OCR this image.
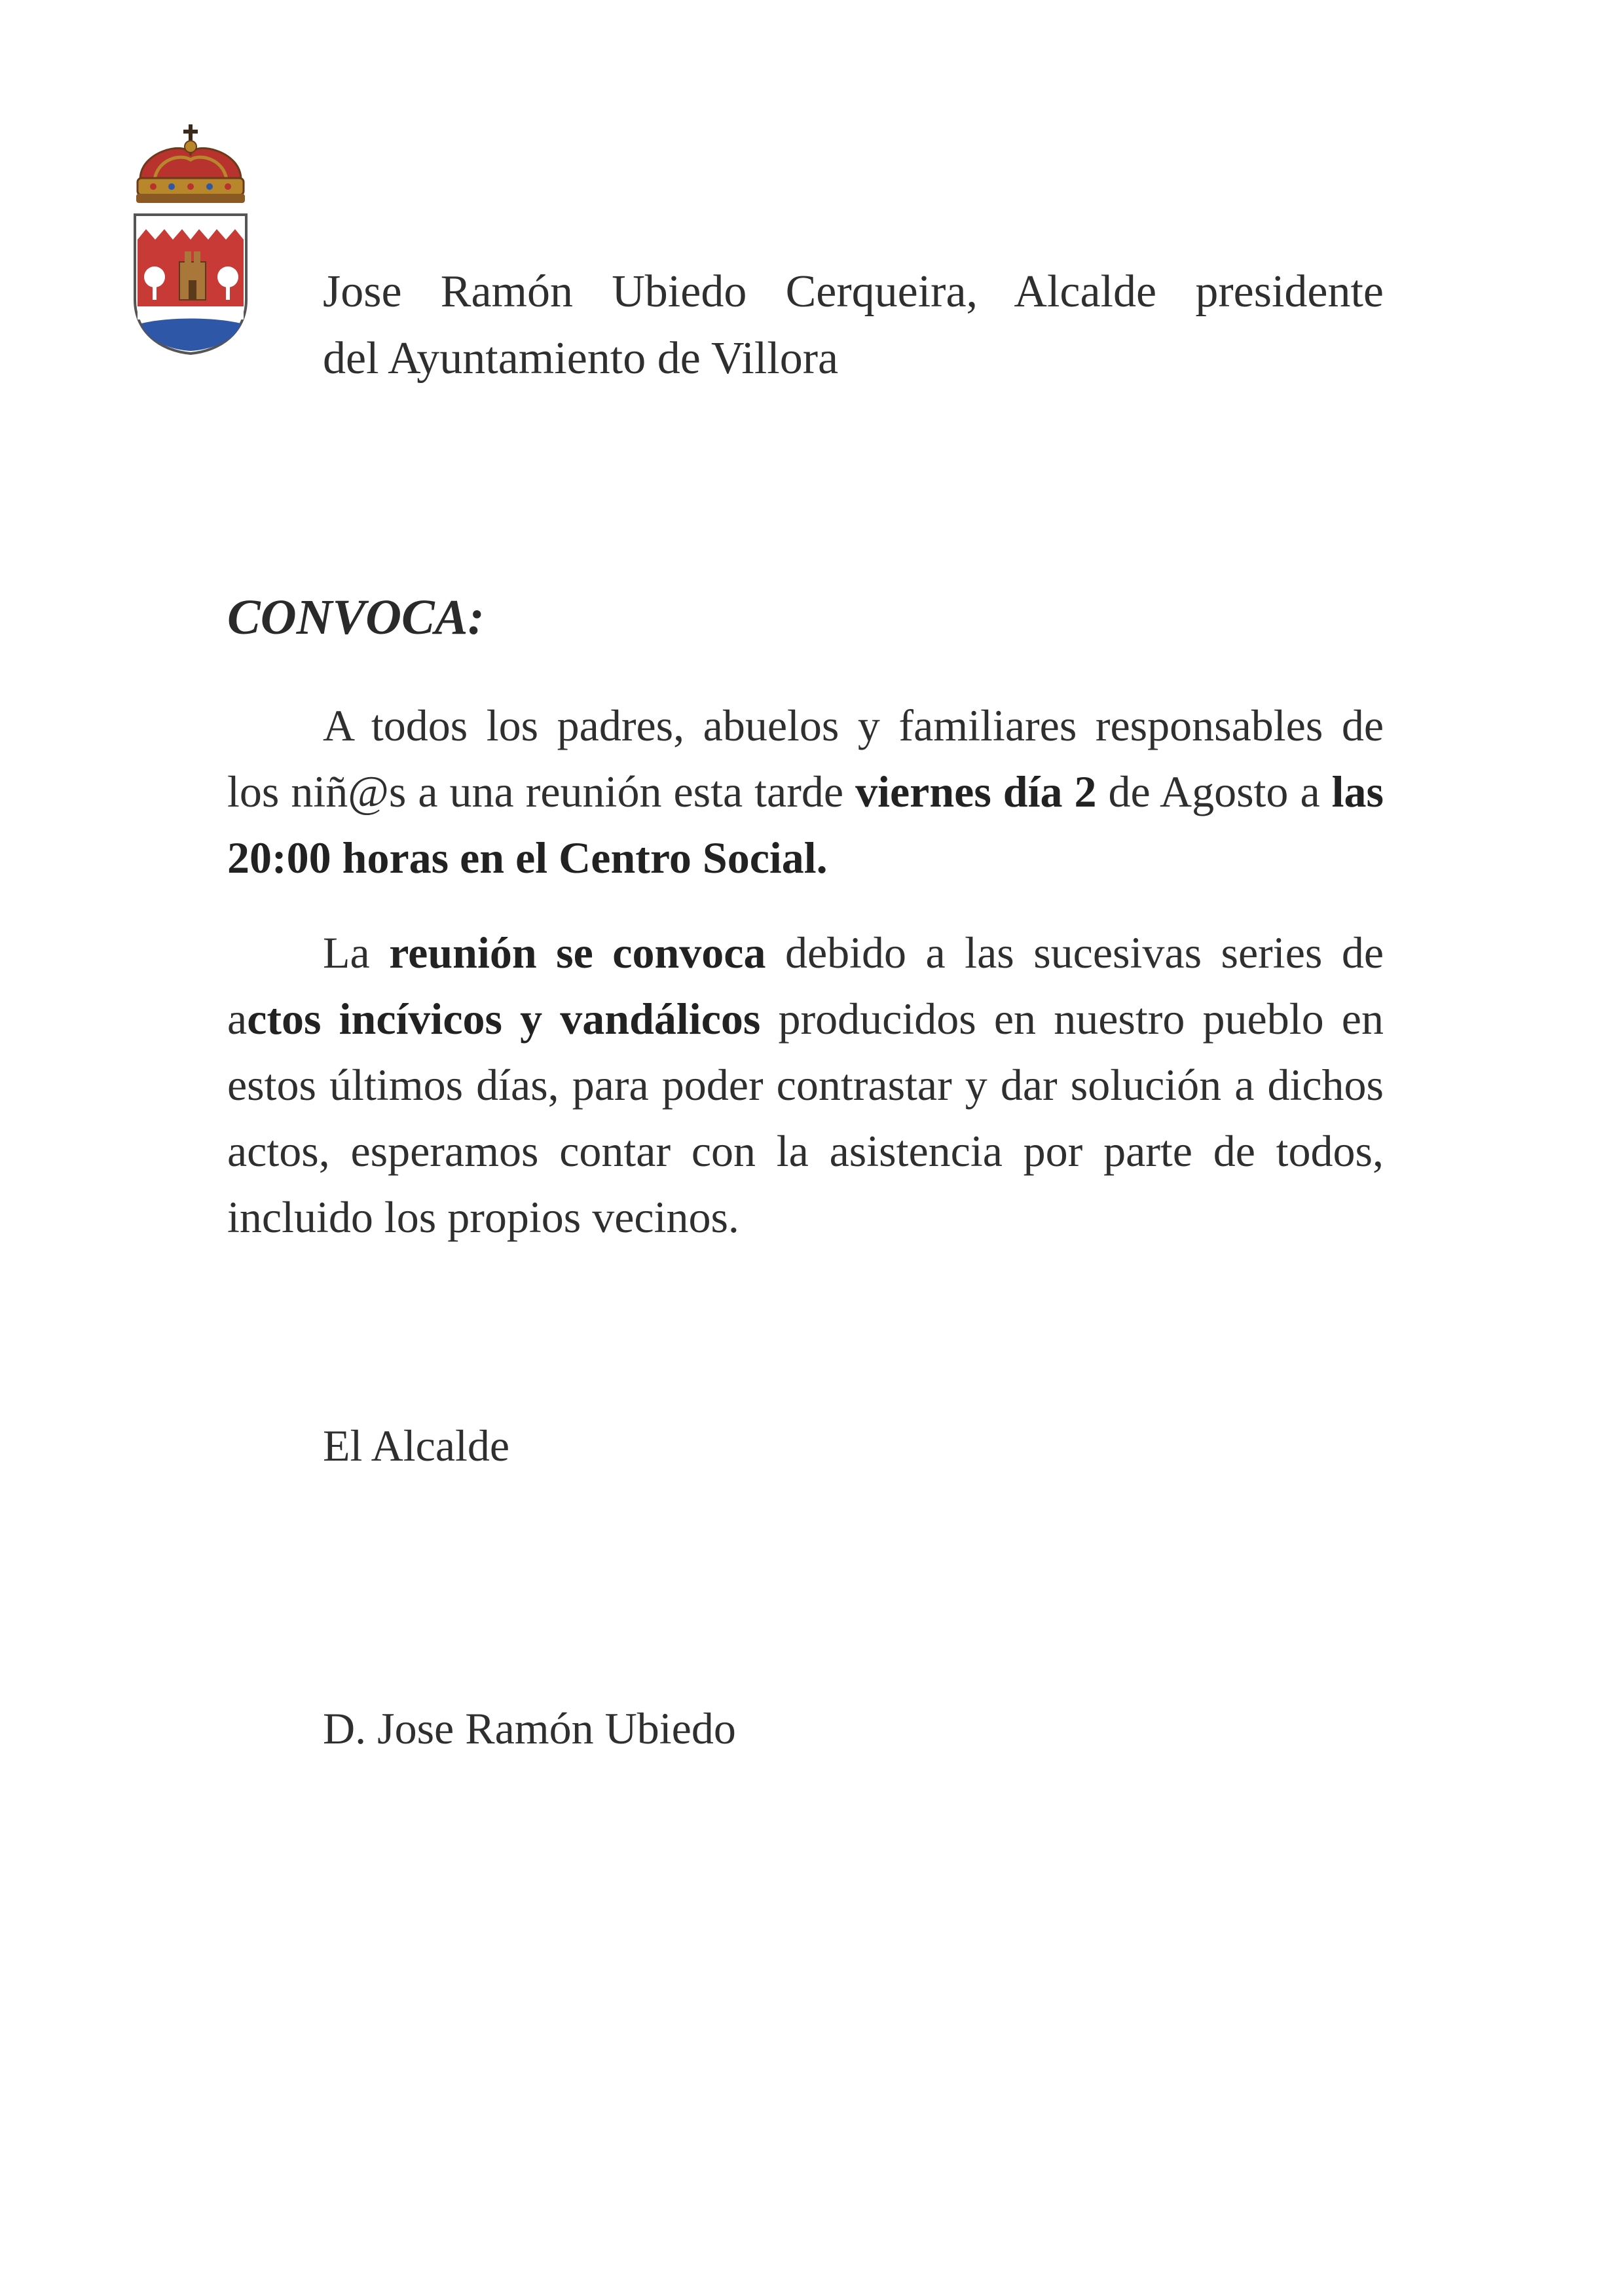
Jose Ramón Ubiedo Cerqueira, Alcalde presidente

del Ayuntamiento de Villora

CONVOCA:

A todos los padres, abuelos y familiares responsables de los niñ@s a una reunión esta tarde viernes día 2 de Agosto a las 20:00 horas en el Centro Social.

La reunión se convoca debido a las sucesivas series de actos incívicos y vandálicos producidos en nuestro pueblo en estos últimos días, para poder contrastar y dar solución a dichos actos, esperamos contar con la asistencia por parte de todos, incluido los propios vecinos.

El Alcalde

D. Jose Ramón Ubiedo
